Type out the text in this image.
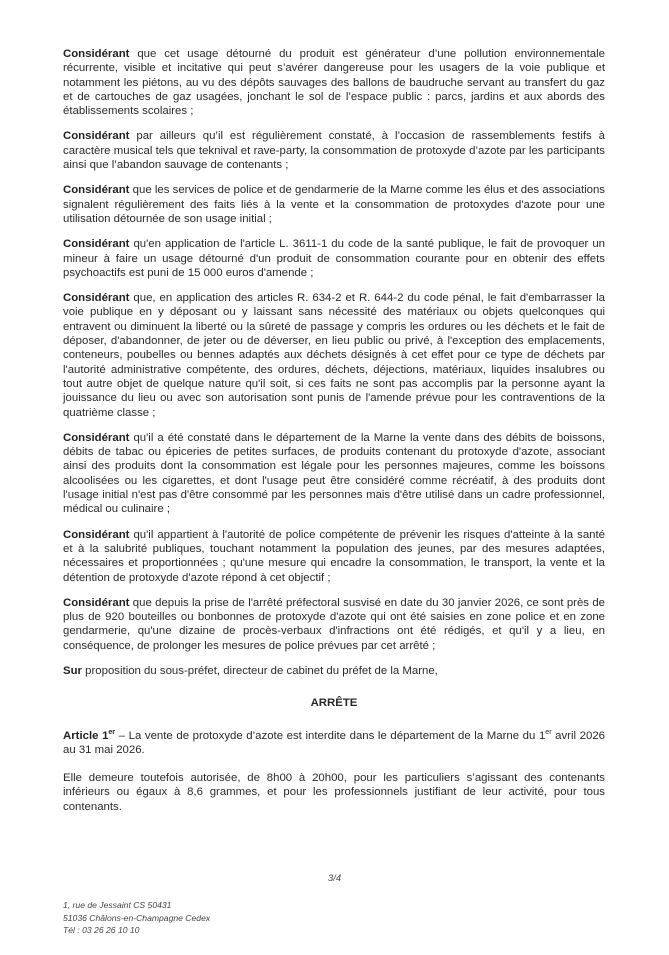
Considérant que cet usage détourné du produit est générateur d’une pollution environnementale récurrente, visible et incitative qui peut s’avérer dangereuse pour les usagers de la voie publique et notamment les piétons, au vu des dépôts sauvages des ballons de baudruche servant au transfert du gaz et de cartouches de gaz usagées, jonchant le sol de l’espace public : parcs, jardins et aux abords des établissements scolaires ;

Considérant par ailleurs qu’il est régulièrement constaté, à l’occasion de rassemblements festifs à caractère musical tels que teknival et rave-party, la consommation de protoxyde d’azote par les participants ainsi que l’abandon sauvage de contenants ;

Considérant que les services de police et de gendarmerie de la Marne comme les élus et des associations signalent régulièrement des faits liés à la vente et la consommation de protoxydes d'azote pour une utilisation détournée de son usage initial ;

Considérant qu'en application de l'article L. 3611-1 du code de la santé publique, le fait de provoquer un mineur à faire un usage détourné d'un produit de consommation courante pour en obtenir des effets psychoactifs est puni de 15 000 euros d'amende ;

Considérant que, en application des articles R. 634-2 et R. 644-2 du code pénal, le fait d'embarrasser la voie publique en y déposant ou y laissant sans nécessité des matériaux ou objets quelconques qui entravent ou diminuent la liberté ou la sûreté de passage y compris les ordures ou les déchets et le fait de déposer, d'abandonner, de jeter ou de déverser, en lieu public ou privé, à l'exception des emplacements, conteneurs, poubelles ou bennes adaptés aux déchets désignés à cet effet pour ce type de déchets par l'autorité administrative compétente, des ordures, déchets, déjections, matériaux, liquides insalubres ou tout autre objet de quelque nature qu'il soit, si ces faits ne sont pas accomplis par la personne ayant la jouissance du lieu ou avec son autorisation sont punis de l'amende prévue pour les contraventions de la quatrième classe ;

Considérant qu'il a été constaté dans le département de la Marne la vente dans des débits de boissons, débits de tabac ou épiceries de petites surfaces, de produits contenant du protoxyde d'azote, associant ainsi des produits dont la consommation est légale pour les personnes majeures, comme les boissons alcoolisées ou les cigarettes, et dont l'usage peut être considéré comme récréatif, à des produits dont l'usage initial n'est pas d'être consommé par les personnes mais d'être utilisé dans un cadre professionnel, médical ou culinaire ;

Considérant qu'il appartient à l'autorité de police compétente de prévenir les risques d'atteinte à la santé et à la salubrité publiques, touchant notamment la population des jeunes, par des mesures adaptées, nécessaires et proportionnées ; qu'une mesure qui encadre la consommation, le transport, la vente et la détention de protoxyde d'azote répond à cet objectif ;

Considérant que depuis la prise de l'arrêté préfectoral susvisé en date du 30 janvier 2026, ce sont près de plus de 920 bouteilles ou bonbonnes de protoxyde d'azote qui ont été saisies en zone police et en zone gendarmerie, qu'une dizaine de procès-verbaux d'infractions ont été rédigés, et qu'il y a lieu, en conséquence, de prolonger les mesures de police prévues par cet arrêté ;

Sur proposition du sous-préfet, directeur de cabinet du préfet de la Marne,

ARRÊTE

Article 1er – La vente de protoxyde d’azote est interdite dans le département de la Marne du 1er avril 2026 au 31 mai 2026.

Elle demeure toutefois autorisée, de 8h00 à 20h00, pour les particuliers s’agissant des contenants inférieurs ou égaux à 8,6 grammes, et pour les professionnels justifiant de leur activité, pour tous contenants.

3/4
1, rue de Jessaint CS 50431
51036 Châlons-en-Champagne Cedex
Tél : 03 26 26 10 10
